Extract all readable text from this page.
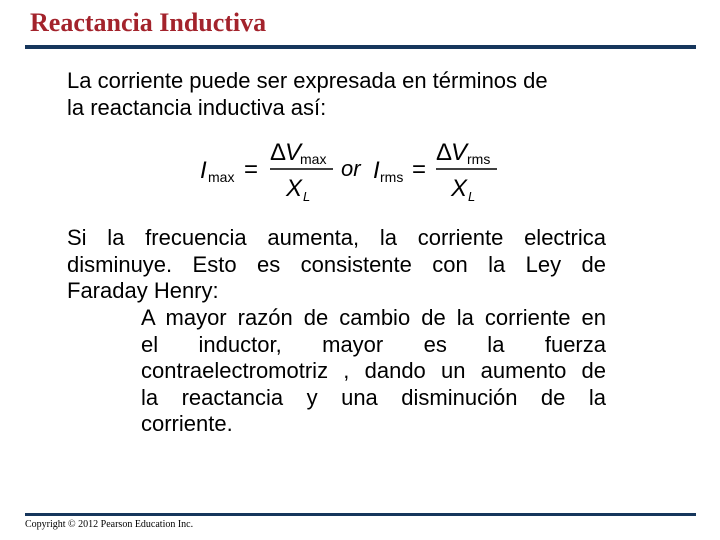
Reactancia Inductiva
La corriente puede ser expresada en términos de
la reactancia inductiva así:
I max =
Δ
V
max
X L
or I rms =
Δ
V rms
X L
Si la frecuencia aumenta, la corriente electrica
disminuye. Esto es consistente con la Ley de
Faraday Henry:
A mayor razón de cambio de la corriente en
el inductor, mayor es la fuerza
contraelectromotriz , dando un aumento de
la reactancia y una disminución de la
corriente.
Copyright © 2012 Pearson Education Inc.
